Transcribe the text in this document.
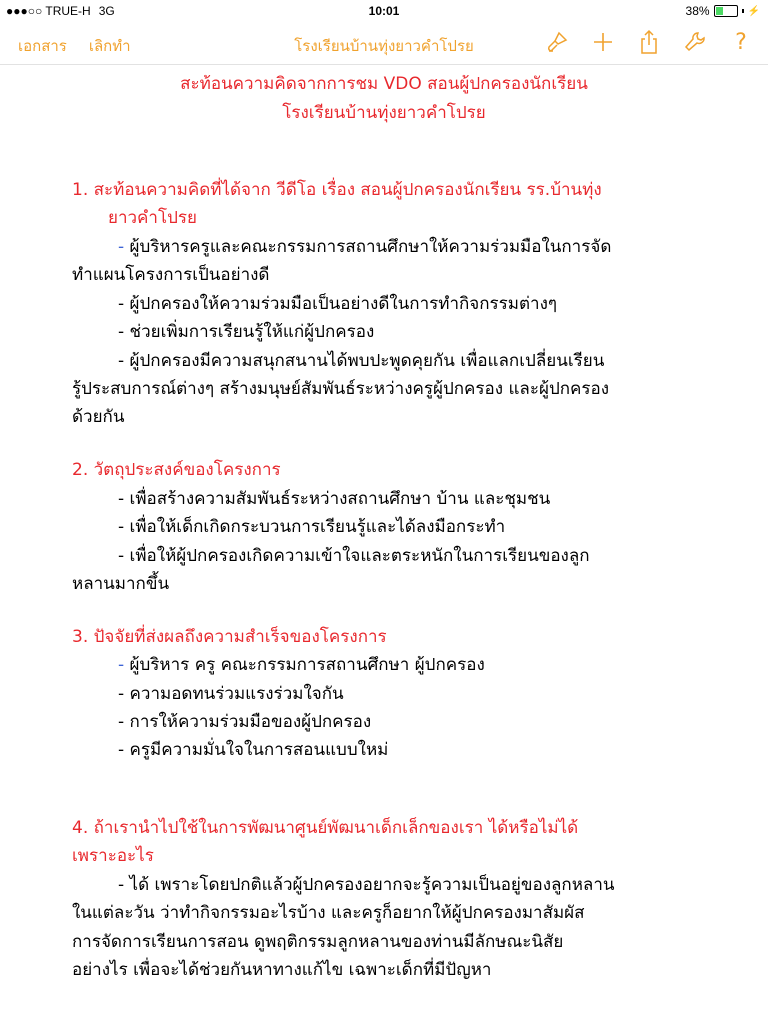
●●●○○ TRUE-H 3G	10:01	38%	⚡
เอกสาร เลิกทำ	โรงเรียนบ้านทุ่งยาวคำโปรย	?

สะท้อนความคิดจากการชม VDO สอนผู้ปกครองนักเรียน

โรงเรียนบ้านทุ่งยาวคำโปรย

1. สะท้อนความคิดที่ได้จาก วีดีโอ เรื่อง สอนผู้ปกครองนักเรียน รร.บ้านทุ่ง
ยาวคำโปรย
- ผู้บริหารครูและคณะกรรมการสถานศึกษาให้ความร่วมมือในการจัด
ทำแผนโครงการเป็นอย่างดี
- ผู้ปกครองให้ความร่วมมือเป็นอย่างดีในการทำกิจกรรมต่างๆ
- ช่วยเพิ่มการเรียนรู้ให้แก่ผู้ปกครอง
- ผู้ปกครองมีความสนุกสนานได้พบปะพูดคุยกัน เพื่อแลกเปลี่ยนเรียน
รู้ประสบการณ์ต่างๆ สร้างมนุษย์สัมพันธ์ระหว่างครูผู้ปกครอง และผู้ปกครอง
ด้วยกัน
2. วัตถุประสงค์ของโครงการ
- เพื่อสร้างความสัมพันธ์ระหว่างสถานศึกษา บ้าน และชุมชน
- เพื่อให้เด็กเกิดกระบวนการเรียนรู้และได้ลงมือกระทำ
- เพื่อให้ผู้ปกครองเกิดความเข้าใจและตระหนักในการเรียนของลูก
หลานมากขึ้น
3. ปัจจัยที่ส่งผลถึงความสำเร็จของโครงการ
- ผู้บริหาร ครู คณะกรรมการสถานศึกษา ผู้ปกครอง
- ความอดทนร่วมแรงร่วมใจกัน
- การให้ความร่วมมือของผู้ปกครอง
- ครูมีความมั่นใจในการสอนแบบใหม่
4. ถ้าเรานำไปใช้ในการพัฒนาศูนย์พัฒนาเด็กเล็กของเรา ได้หรือไม่ได้
เพราะอะไร
- ได้ เพราะโดยปกติแล้วผู้ปกครองอยากจะรู้ความเป็นอยู่ของลูกหลาน
ในแต่ละวัน ว่าทำกิจกรรมอะไรบ้าง และครูก็อยากให้ผู้ปกครองมาสัมผัส
การจัดการเรียนการสอน ดูพฤติกรรมลูกหลานของท่านมีลักษณะนิสัย
อย่างไร เพื่อจะได้ช่วยกันหาทางแก้ไข เฉพาะเด็กที่มีปัญหา
